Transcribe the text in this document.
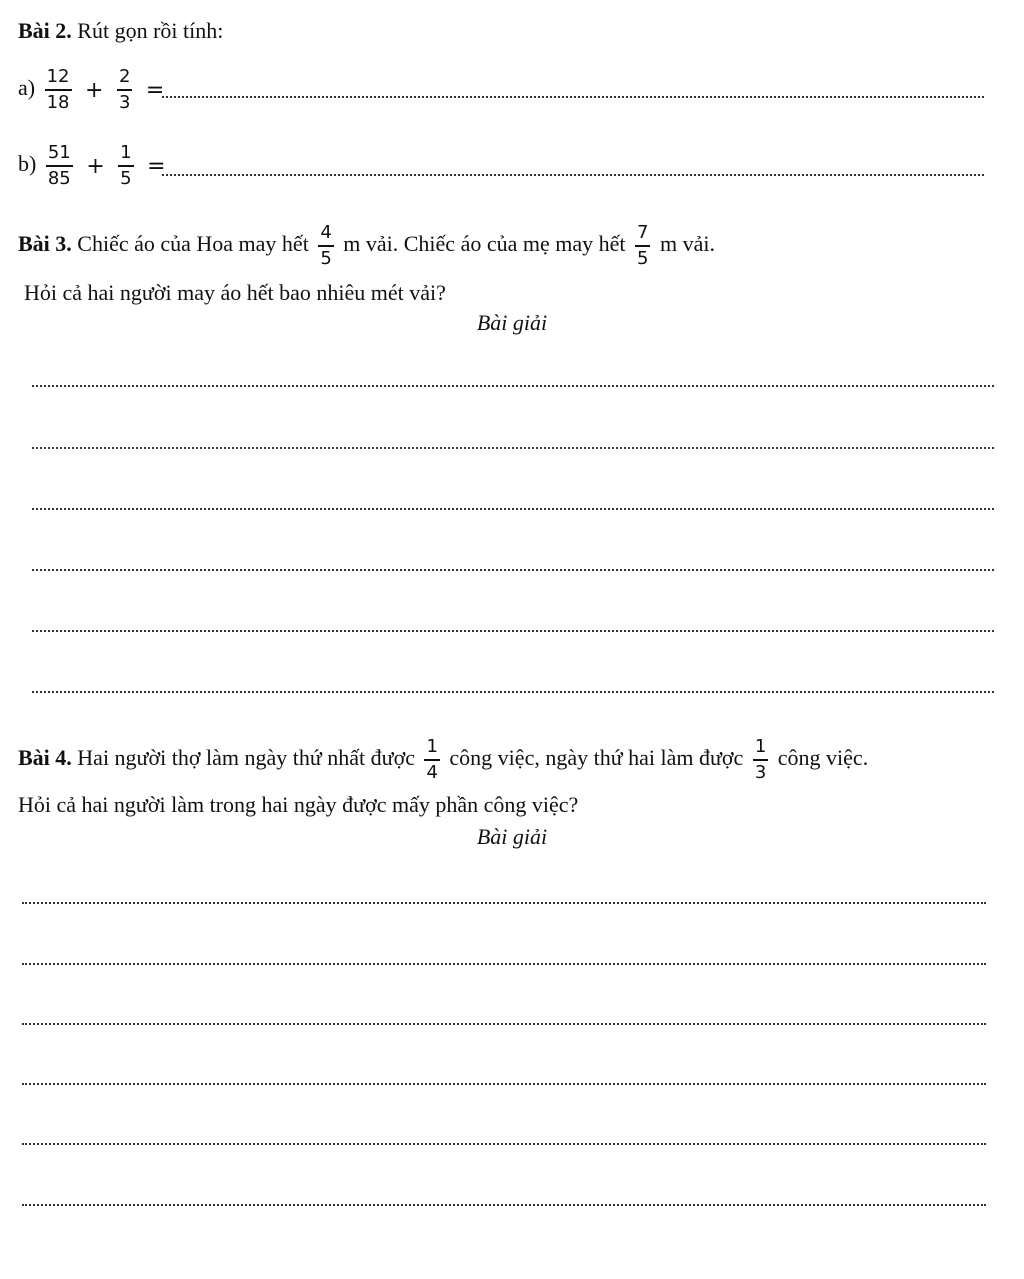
Bài 2. Rút gọn rồi tính:
$a) \frac{12}{18} + \frac{2}{3}$ =
$b) \frac{51}{85} + \frac{1}{5}$ =
Bài 3. Chiếc áo của Hoa may hết $\frac{4}{5}$ m vải. Chiếc áo của mẹ may hết $\frac{7}{5}$ m vải.
Hỏi cả hai người may áo hết bao nhiêu mét vải?
Bài giải
Bài 4. Hai người thợ làm ngày thứ nhất được $\frac{1}{4}$ công việc, ngày thứ hai làm được $\frac{1}{3}$ công việc.
Hỏi cả hai người làm trong hai ngày được mấy phần công việc?
Bài giải
